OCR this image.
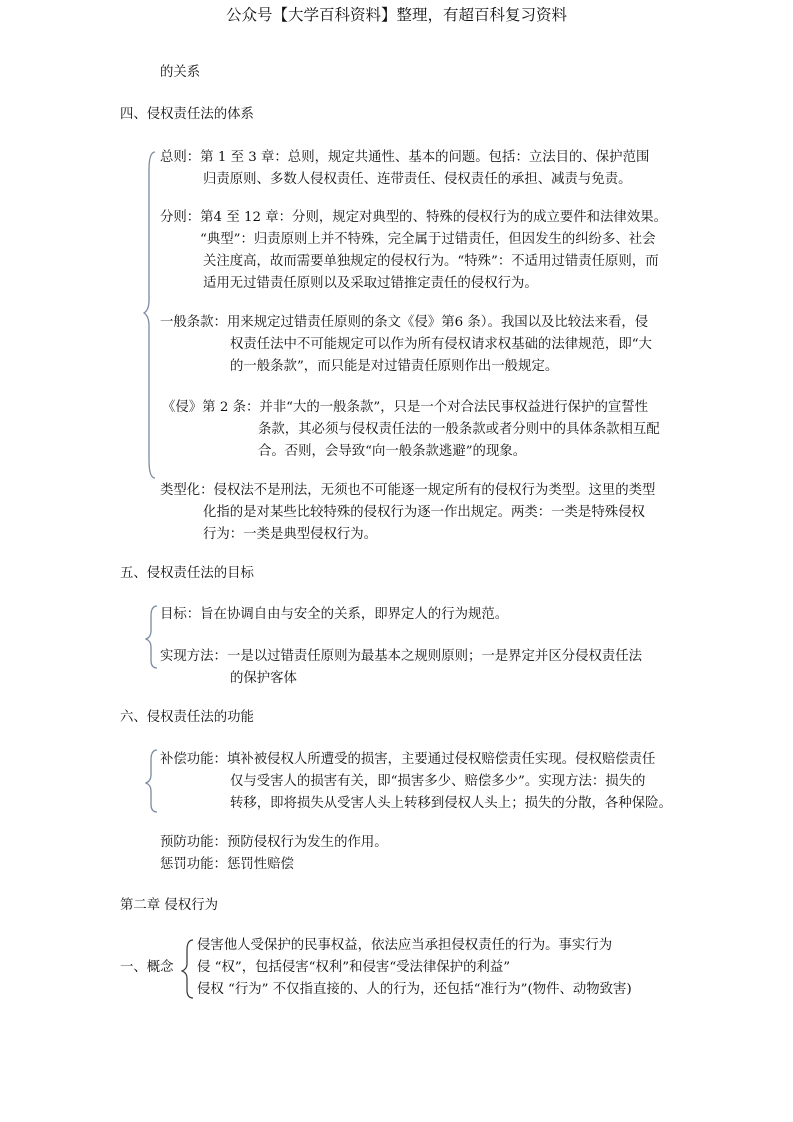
公众号【大学百科资料】整理，有超百科复习资料
的关系
四、侵权责任法的体系
总则：第 1 至 3 章：总则，规定共通性、基本的问题。包括：立法目的、保护范围
归责原则、多数人侵权责任、连带责任、侵权责任的承担、减责与免责。
分则：第4 至 12 章：分则，规定对典型的、特殊的侵权行为的成立要件和法律效果。
“典型”：归责原则上并不特殊，完全属于过错责任，但因发生的纠纷多、社会
关注度高，故而需要单独规定的侵权行为。“特殊”：不适用过错责任原则，而
适用无过错责任原则以及采取过错推定责任的侵权行为。
一般条款：用来规定过错责任原则的条文《侵》第6 条）。我国以及比较法来看，侵
权责任法中不可能规定可以作为所有侵权请求权基础的法律规范，即“大
的一般条款”，而只能是对过错责任原则作出一般规定。
《侵》第 2 条：并非“大的一般条款”，只是一个对合法民事权益进行保护的宣誓性
条款，其必须与侵权责任法的一般条款或者分则中的具体条款相互配
合。否则，会导致“向一般条款逃避”的现象。
类型化：侵权法不是刑法，无须也不可能逐一规定所有的侵权行为类型。这里的类型
化指的是对某些比较特殊的侵权行为逐一作出规定。两类：一类是特殊侵权
行为：一类是典型侵权行为。
五、侵权责任法的目标
目标：旨在协调自由与安全的关系，即界定人的行为规范。
实现方法：一是以过错责任原则为最基本之规则原则；一是界定并区分侵权责任法
的保护客体
六、侵权责任法的功能
补偿功能：填补被侵权人所遭受的损害，主要通过侵权赔偿责任实现。侵权赔偿责任
仅与受害人的损害有关，即“损害多少、赔偿多少”。实现方法：损失的
转移，即将损失从受害人头上转移到侵权人头上；损失的分散，各种保险。
预防功能：预防侵权行为发生的作用。
惩罚功能：惩罚性赔偿
第二章 侵权行为
一、概念
侵害他人受保护的民事权益，依法应当承担侵权责任的行为。事实行为
侵 “权”，包括侵害“权利”和侵害“受法律保护的利益”
侵权 “行为” 不仅指直接的、人的行为，还包括“准行为”(物件、动物致害)
